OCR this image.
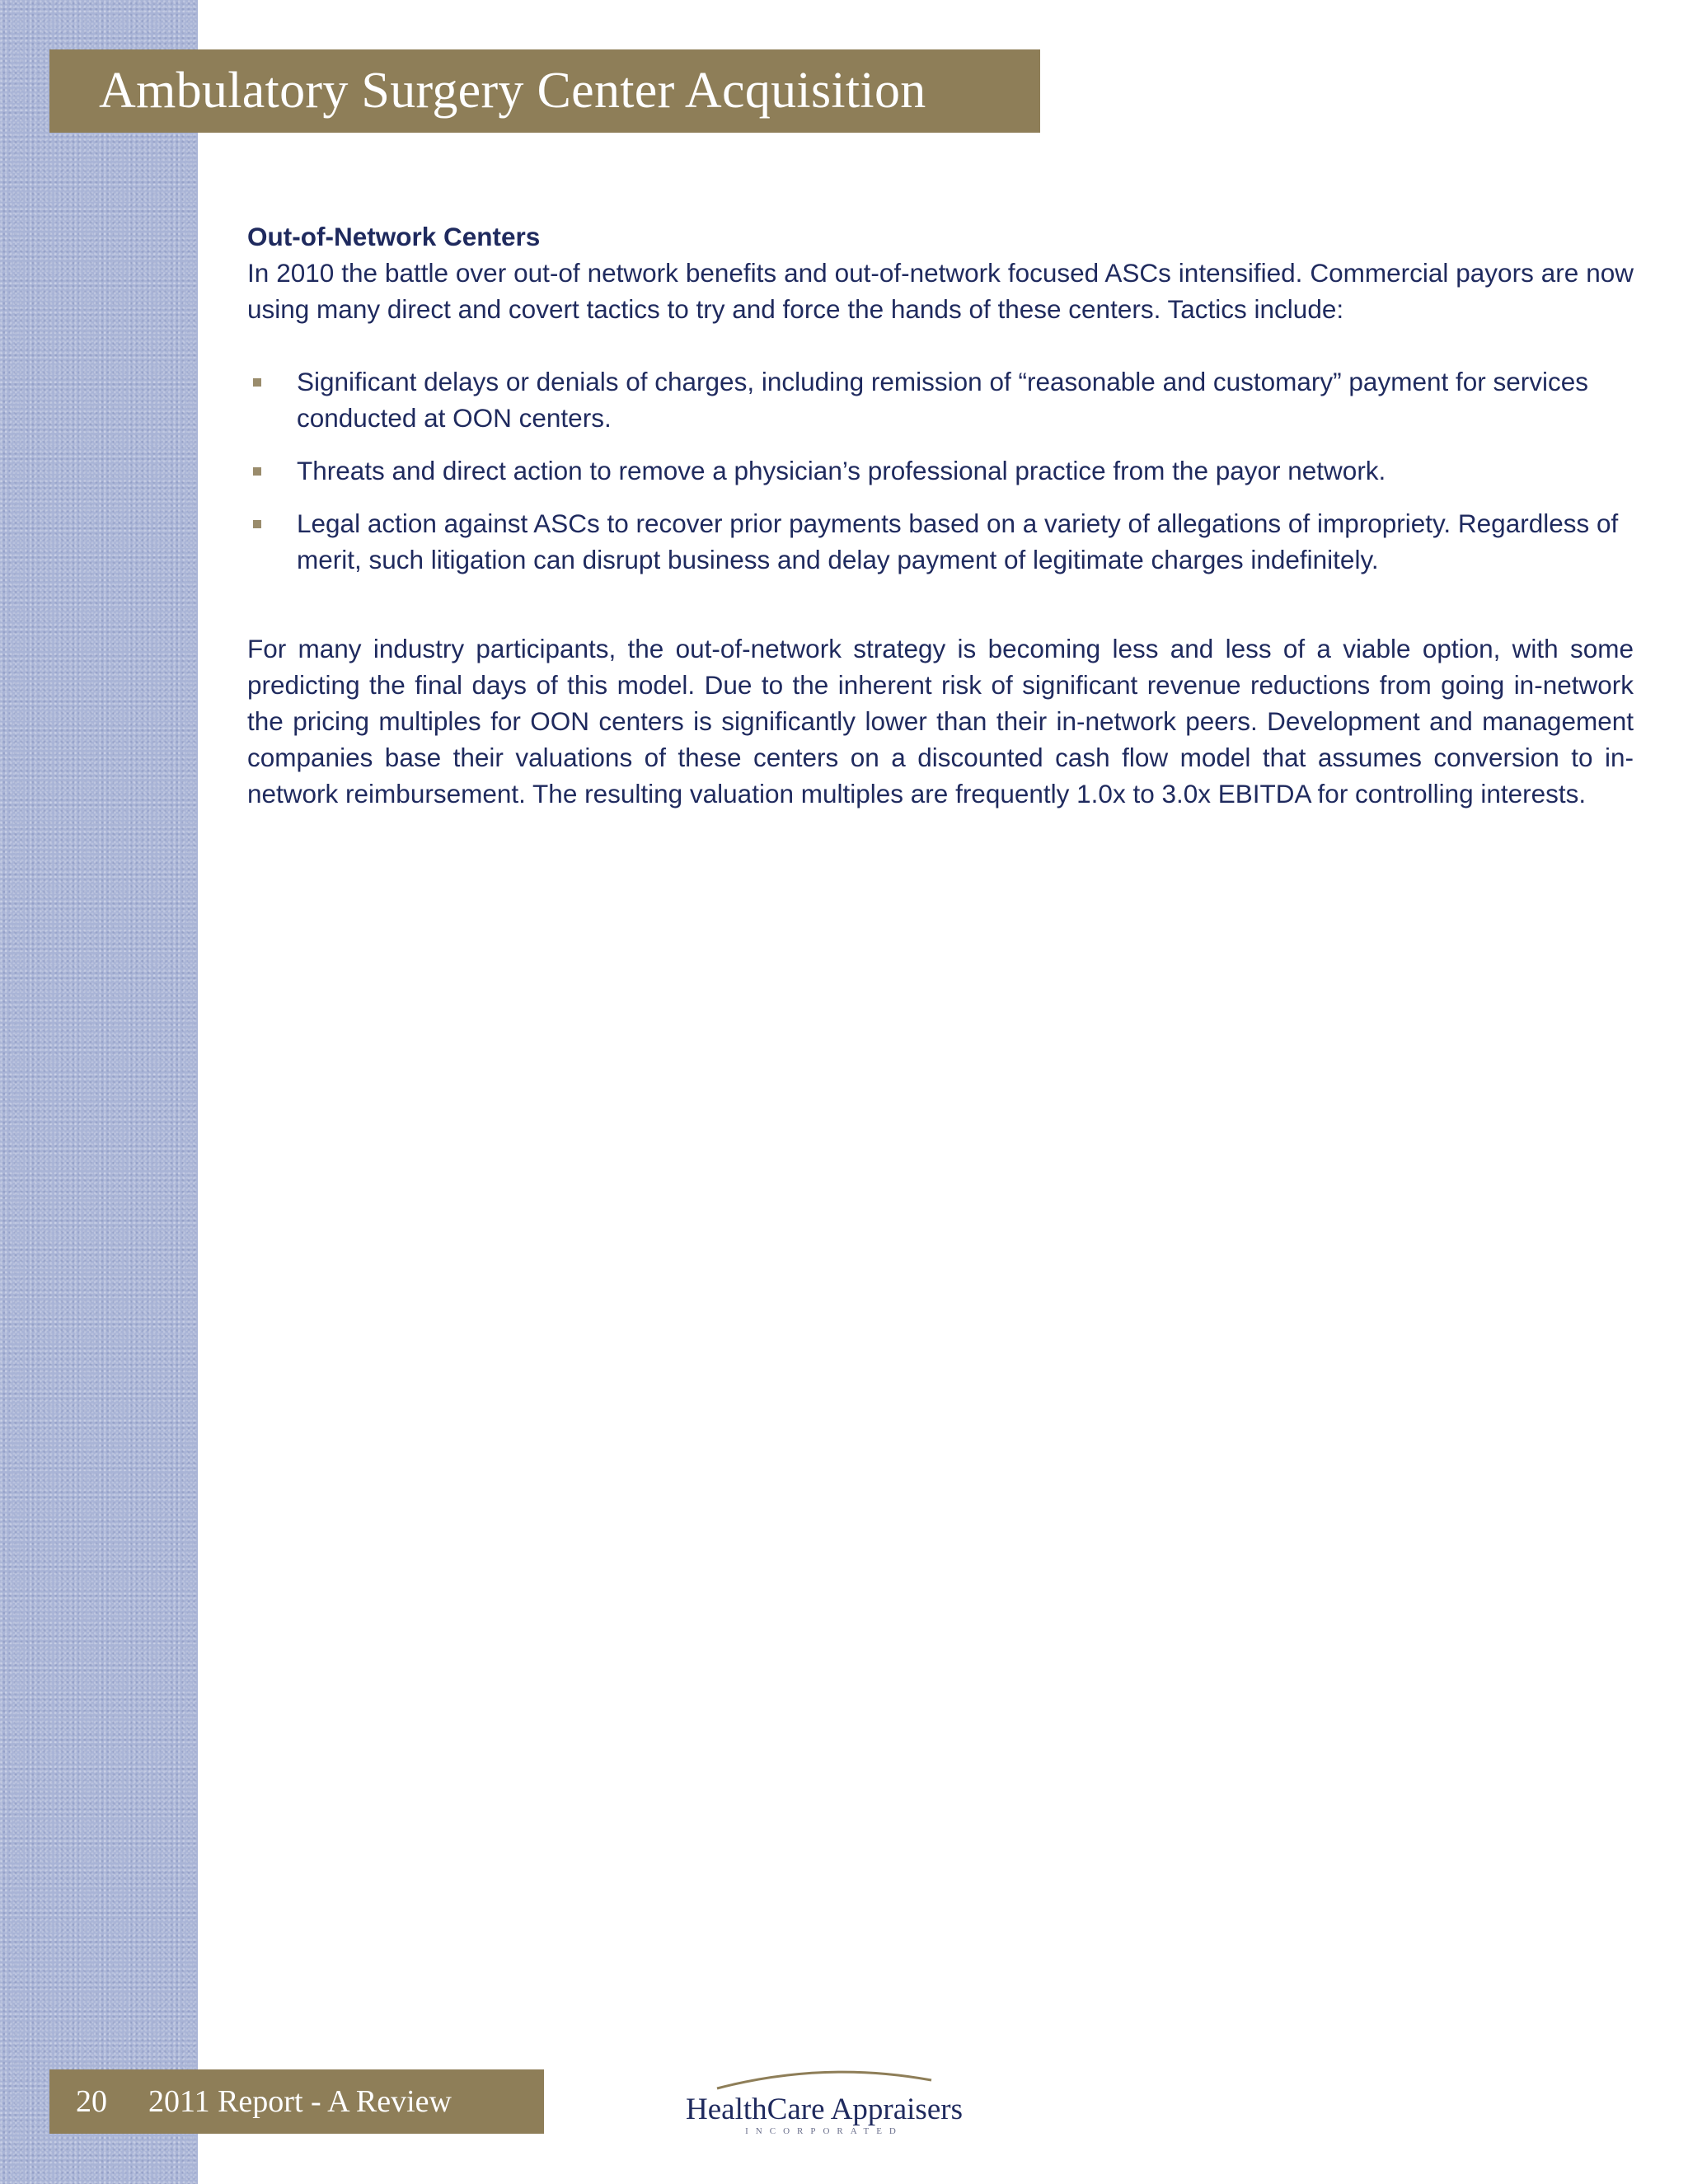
Ambulatory Surgery Center Acquisition
Out-of-Network Centers

In 2010 the battle over out-of network benefits and out-of-network focused ASCs intensified. Commercial payors are now using many direct and covert tactics to try and force the hands of these centers. Tactics include:

Significant delays or denials of charges, including remission of “reasonable and customary” payment for services conducted at OON centers.
Threats and direct action to remove a physician’s professional practice from the payor network.
Legal action against ASCs to recover prior payments based on a variety of allegations of impropriety. Regardless of merit, such litigation can disrupt business and delay payment of legitimate charges indefinitely.

For many industry participants, the out-of-network strategy is becoming less and less of a viable option, with some predicting the final days of this model. Due to the inherent risk of significant revenue reductions from going in-network the pricing multiples for OON centers is significantly lower than their in-network peers. Development and management companies base their valuations of these centers on a discounted cash flow model that assumes conversion to in-network reimbursement. The resulting valuation multiples are frequently 1.0x to 3.0x EBITDA for controlling interests.

20 2011 Report - A Review	HealthCare Appraisers
INCORPORATED
